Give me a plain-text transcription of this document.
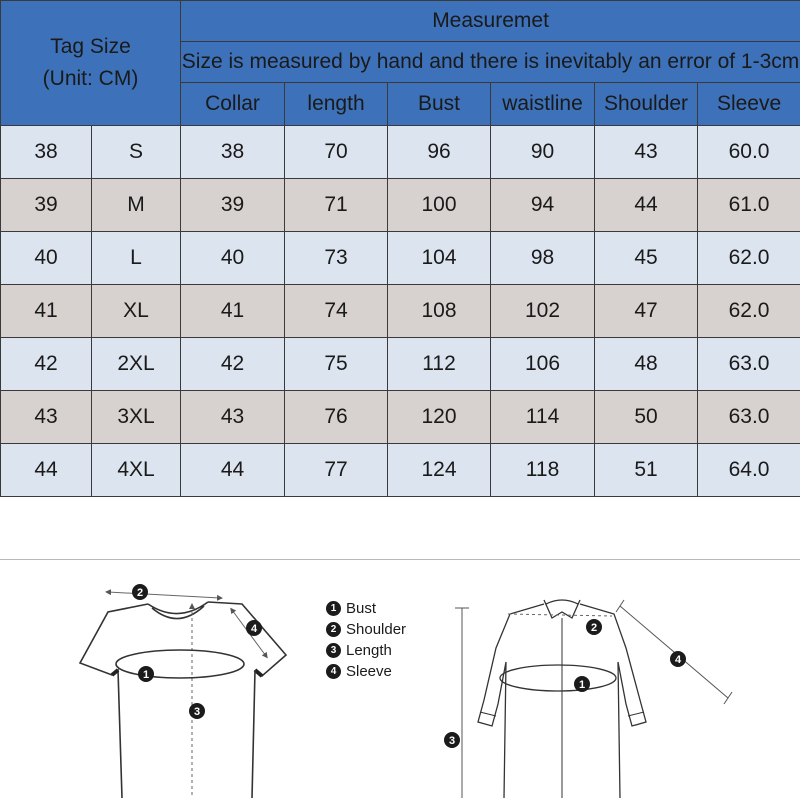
Tag Size
(Unit: CM)		Measuremet					
		Size is measured by hand and there is inevitably an error of 1-3cm					
		Collar	length	Bust	waistline	Shoulder	Sleeve
38	S	38	70	96	90	43	60.0
39	M	39	71	100	94	44	61.0
40	L	40	73	104	98	45	62.0
41	XL	41	74	108	102	47	62.0
42	2XL	42	75	112	106	48	63.0
43	3XL	43	76	120	114	50	63.0
44	4XL	44	77	124	118	51	64.0
2
4
1
3
2
4
1
3
1 Bust
2 Shoulder
3 Length
4 Sleeve
